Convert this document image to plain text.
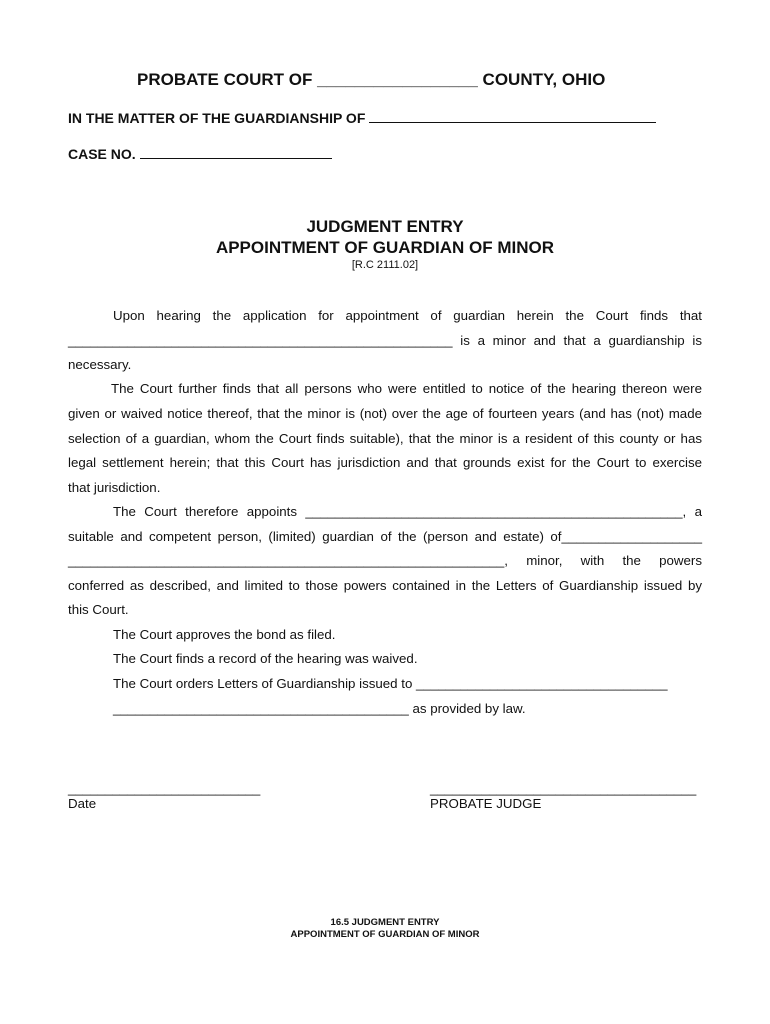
PROBATE COURT OF _________________ COUNTY, OHIO
IN THE MATTER OF THE GUARDIANSHIP OF
CASE NO.
JUDGMENT ENTRY
APPOINTMENT OF GUARDIAN OF MINOR
[R.C 2111.02]
Upon hearing the application for appointment of guardian herein the Court finds that
____________________________________________________ is a minor and that a guardianship is
necessary.
The Court further finds that all persons who were entitled to notice of the hearing thereon were
given or waived notice thereof, that the minor is (not) over the age of fourteen years (and has (not) made
selection of a guardian, whom the Court finds suitable), that the minor is a resident of this county or has
legal settlement herein; that this Court has jurisdiction and that grounds exist for the Court to exercise
that jurisdiction.
The Court therefore appoints ___________________________________________________, a
suitable and competent person, (limited) guardian of the (person and estate) of___________________
___________________________________________________________, minor, with the powers
conferred as described, and limited to those powers contained in the Letters of Guardianship issued by
this Court.
The Court approves the bond as filed.
The Court finds a record of the hearing was waived.
The Court orders Letters of Guardianship issued to __________________________________
________________________________________ as provided by law.
__________________________
Date
____________________________________
PROBATE JUDGE
16.5 JUDGMENT ENTRY
APPOINTMENT OF GUARDIAN OF MINOR
